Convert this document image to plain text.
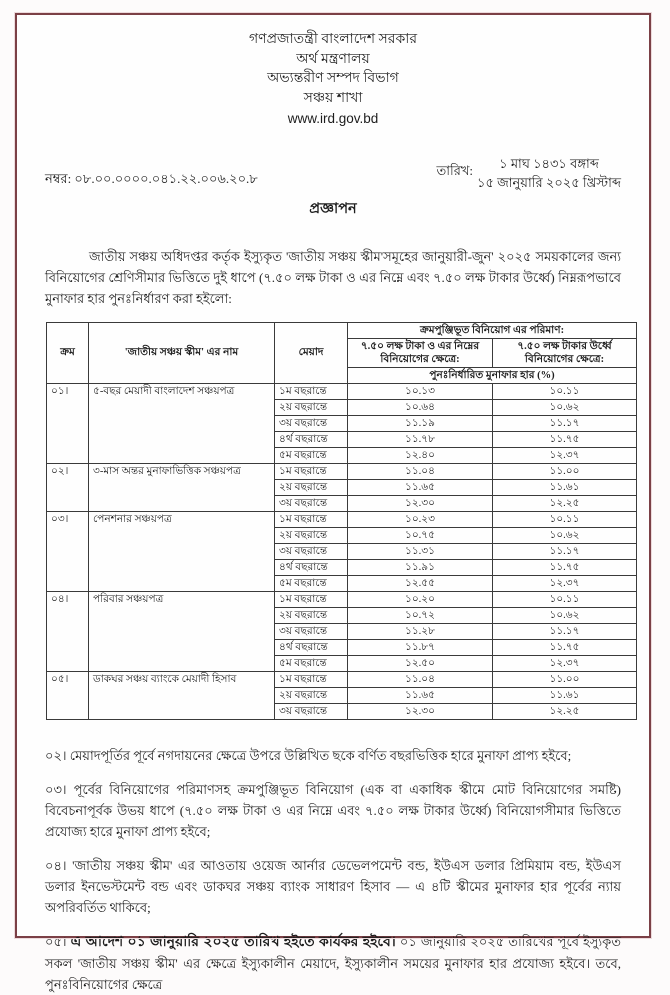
গণপ্রজাতন্ত্রী বাংলাদেশ সরকার
অর্থ মন্ত্রণালয়
অভ্যন্তরীণ সম্পদ বিভাগ
সঞ্চয় শাখা
www.ird.gov.bd
নম্বর: ০৮.০০.০০০০.০৪১.২২.০০৬.২০.৮	তারিখ:	১ মাঘ ১৪৩১ বঙ্গাব্দ
১৫ জানুয়ারি ২০২৫ খ্রিস্টাব্দ
প্রজ্ঞাপন

জাতীয় সঞ্চয় অধিদপ্তর কর্তৃক ইস্যুকৃত 'জাতীয় সঞ্চয় স্কীম'সমূহের জানুয়ারী-জুন' ২০২৫ সময়কালের জন্য বিনিয়োগের শ্রেণিসীমার ভিত্তিতে দুই ধাপে (৭.৫০ লক্ষ টাকা ও এর নিম্নে এবং ৭.৫০ লক্ষ টাকার উর্ধ্বে) নিম্নরূপভাবে মুনাফার হার পুনঃনির্ধারণ করা হইলো:

ক্রম	'জাতীয় সঞ্চয় স্কীম' এর নাম	মেয়াদ	ক্রমপুঞ্জিভূত বিনিয়োগ এর পরিমাণ:	
			৭.৫০ লক্ষ টাকা ও এর নিম্নের বিনিয়োগের ক্ষেত্রে:	৭.৫০ লক্ষ টাকার উর্ধ্বে বিনিয়োগের ক্ষেত্রে:
			পুনঃনির্ধারিত মুনাফার হার (%)	
০১।	৫-বছর মেয়াদী বাংলাদেশ সঞ্চয়পত্র	১ম বছরান্তে	১০.১৩	১০.১১
		২য় বছরান্তে	১০.৬৪	১০.৬২
		৩য় বছরান্তে	১১.১৯	১১.১৭
		৪র্থ বছরান্তে	১১.৭৮	১১.৭৫
		৫ম বছরান্তে	১২.৪০	১২.৩৭
০২।	৩-মাস অন্তর মুনাফাভিত্তিক সঞ্চয়পত্র	১ম বছরান্তে	১১.০৪	১১.০০
		২য় বছরান্তে	১১.৬৫	১১.৬১
		৩য় বছরান্তে	১২.৩০	১২.২৫
০৩।	পেনশনার সঞ্চয়পত্র	১ম বছরান্তে	১০.২৩	১০.১১
		২য় বছরান্তে	১০.৭৫	১০.৬২
		৩য় বছরান্তে	১১.৩১	১১.১৭
		৪র্থ বছরান্তে	১১.৯১	১১.৭৫
		৫ম বছরান্তে	১২.৫৫	১২.৩৭
০৪।	পরিবার সঞ্চয়পত্র	১ম বছরান্তে	১০.২০	১০.১১
		২য় বছরান্তে	১০.৭২	১০.৬২
		৩য় বছরান্তে	১১.২৮	১১.১৭
		৪র্থ বছরান্তে	১১.৮৭	১১.৭৫
		৫ম বছরান্তে	১২.৫০	১২.৩৭
০৫।	ডাকঘর সঞ্চয় ব্যাংকে মেয়াদী হিসাব	১ম বছরান্তে	১১.০৪	১১.০০
		২য় বছরান্তে	১১.৬৫	১১.৬১
		৩য় বছরান্তে	১২.৩০	১২.২৫

০২। মেয়াদপূর্তির পূর্বে নগদায়নের ক্ষেত্রে উপরে উল্লিখিত ছকে বর্ণিত বছরভিত্তিক হারে মুনাফা প্রাপ্য হইবে;

০৩। পূর্বের বিনিয়োগের পরিমাণসহ ক্রমপুঞ্জিভূত বিনিয়োগ (এক বা একাধিক স্কীমে মোট বিনিয়োগের সমষ্টি) বিবেচনাপূর্বক উভয় ধাপে (৭.৫০ লক্ষ টাকা ও এর নিম্নে এবং ৭.৫০ লক্ষ টাকার উর্ধ্বে) বিনিয়োগসীমার ভিত্তিতে প্রযোজ্য হারে মুনাফা প্রাপ্য হইবে;

০৪। 'জাতীয় সঞ্চয় স্কীম' এর আওতায় ওয়েজ আর্নার ডেভেলপমেন্ট বন্ড, ইউএস ডলার প্রিমিয়াম বন্ড, ইউএস ডলার ইনভেস্টমেন্ট বন্ড এবং ডাকঘর সঞ্চয় ব্যাংক সাধারণ হিসাব — এ ৪টি স্কীমের মুনাফার হার পূর্বের ন্যায় অপরিবর্তিত থাকিবে;

০৫। এ আদেশ ০১ জানুয়ারি ২০২৫ তারিখ হইতে কার্যকর হইবে। ০১ জানুয়ারি ২০২৫ তারিখের পূর্বে ইস্যুকৃত সকল 'জাতীয় সঞ্চয় স্কীম' এর ক্ষেত্রে ইস্যুকালীন মেয়াদে, ইস্যুকালীন সময়ের মুনাফার হার প্রযোজ্য হইবে। তবে, পুনঃবিনিয়োগের ক্ষেত্রে
